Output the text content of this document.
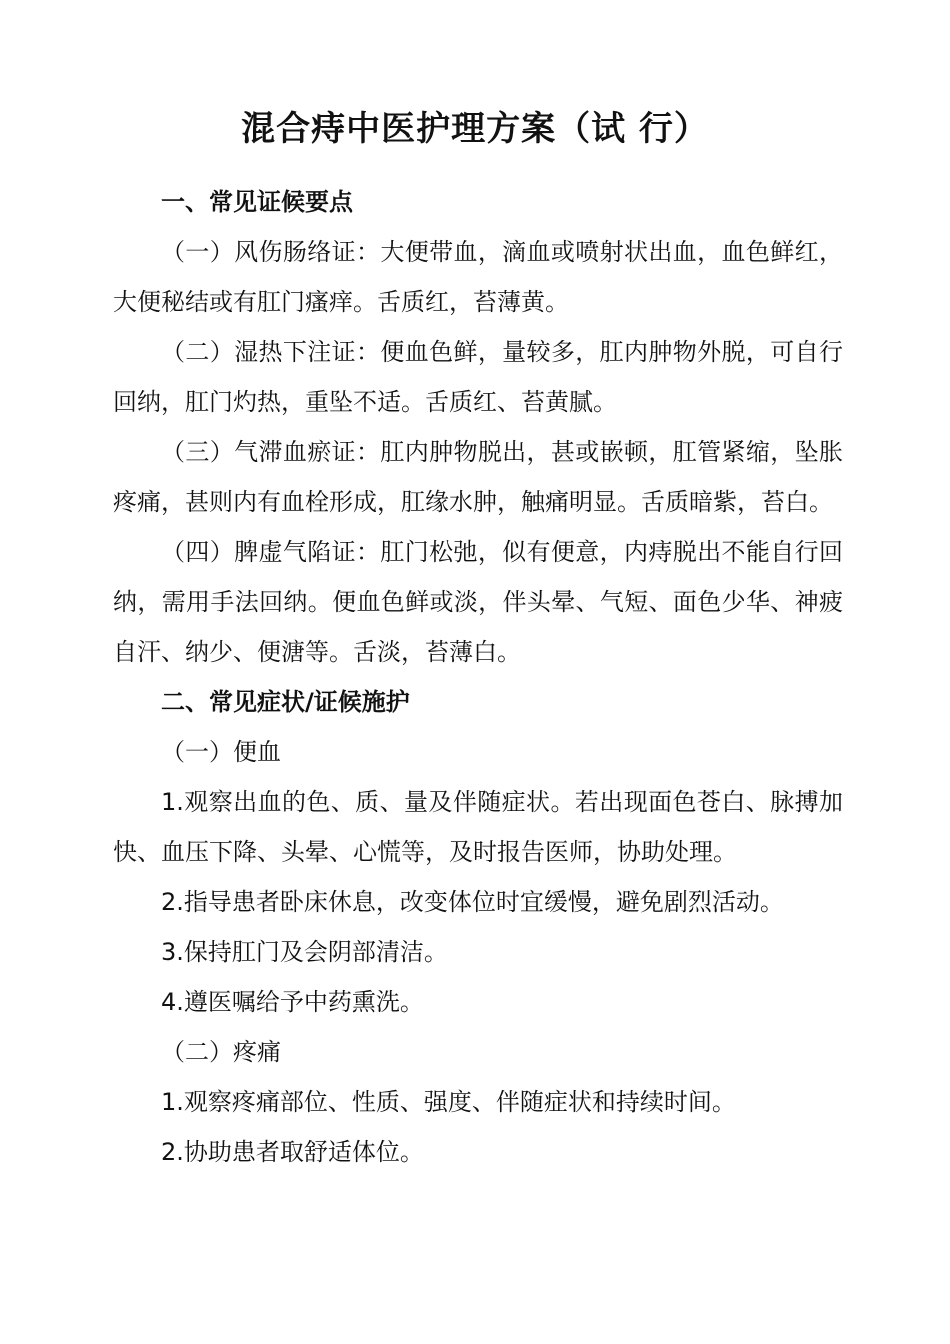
混合痔中医护理方案（试 行）

一、常见证候要点

（一）风伤肠络证：大便带血，滴血或喷射状出血，血色鲜红，大便秘结或有肛门瘙痒。舌质红，苔薄黄。

（二）湿热下注证：便血色鲜，量较多，肛内肿物外脱，可自行回纳，肛门灼热，重坠不适。舌质红、苔黄腻。

（三）气滞血瘀证：肛内肿物脱出，甚或嵌顿，肛管紧缩，坠胀疼痛，甚则内有血栓形成，肛缘水肿，触痛明显。舌质暗紫，苔白。

（四）脾虚气陷证：肛门松弛，似有便意，内痔脱出不能自行回纳，需用手法回纳。便血色鲜或淡，伴头晕、气短、面色少华、神疲自汗、纳少、便溏等。舌淡，苔薄白。

二、常见症状/证候施护

（一）便血

1.观察出血的色、质、量及伴随症状。若出现面色苍白、脉搏加快、血压下降、头晕、心慌等，及时报告医师，协助处理。

2.指导患者卧床休息，改变体位时宜缓慢，避免剧烈活动。

3.保持肛门及会阴部清洁。

4.遵医嘱给予中药熏洗。

（二）疼痛

1.观察疼痛部位、性质、强度、伴随症状和持续时间。

2.协助患者取舒适体位。
